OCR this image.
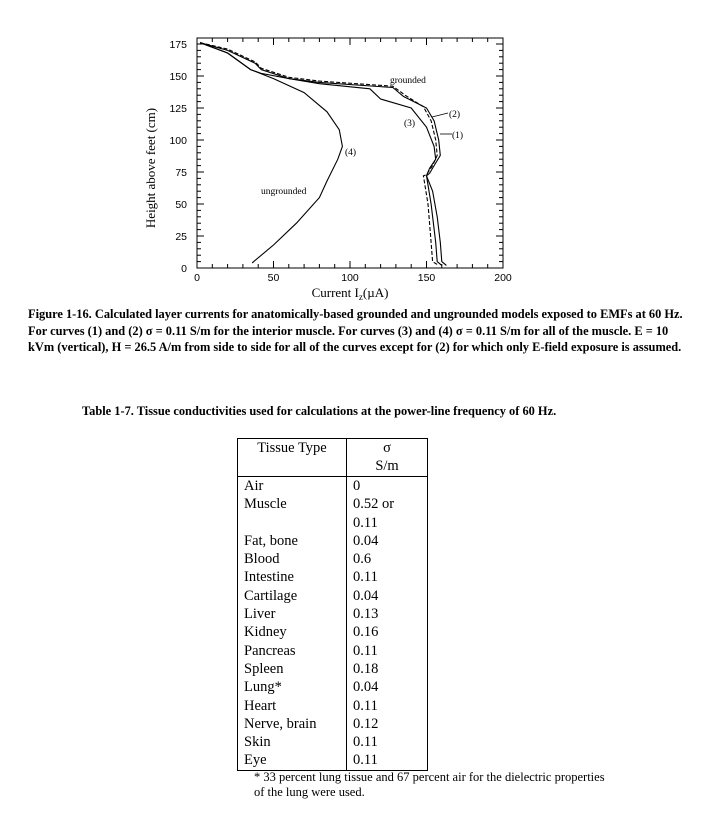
0	50	100	150	200
0
25
50
75
100
125
150
175
Height above feet (cm)
Current $I_z(\mu A)$
grounded
ungrounded
(2)
(1)
(3)
(4)
Figure 1-16. Calculated layer currents for anatomically-based grounded and ungrounded models exposed to EMFs at 60 Hz. For curves (1) and (2) σ = 0.11 S/m for the interior muscle. For curves (3) and (4) σ = 0.11 S/m for all of the muscle. E = 10 kVm (vertical), H = 26.5 A/m from side to side for all of the curves except for (2) for which only E-field exposure is assumed.
Table 1-7. Tissue conductivities used for calculations at the power-line frequency of 60 Hz.
Tissue Type	σ
S/m
Air	0
Muscle	0.52 or 0.11
Fat, bone	0.04
Blood	0.6
Intestine	0.11
Cartilage	0.04
Liver	0.13
Kidney	0.16
Pancreas	0.11
Spleen	0.18
Lung*	0.04
Heart	0.11
Nerve, brain	0.12
Skin	0.11
Eye	0.11
* 33 percent lung tissue and 67 percent air for the dielectric properties
of the lung were used.
